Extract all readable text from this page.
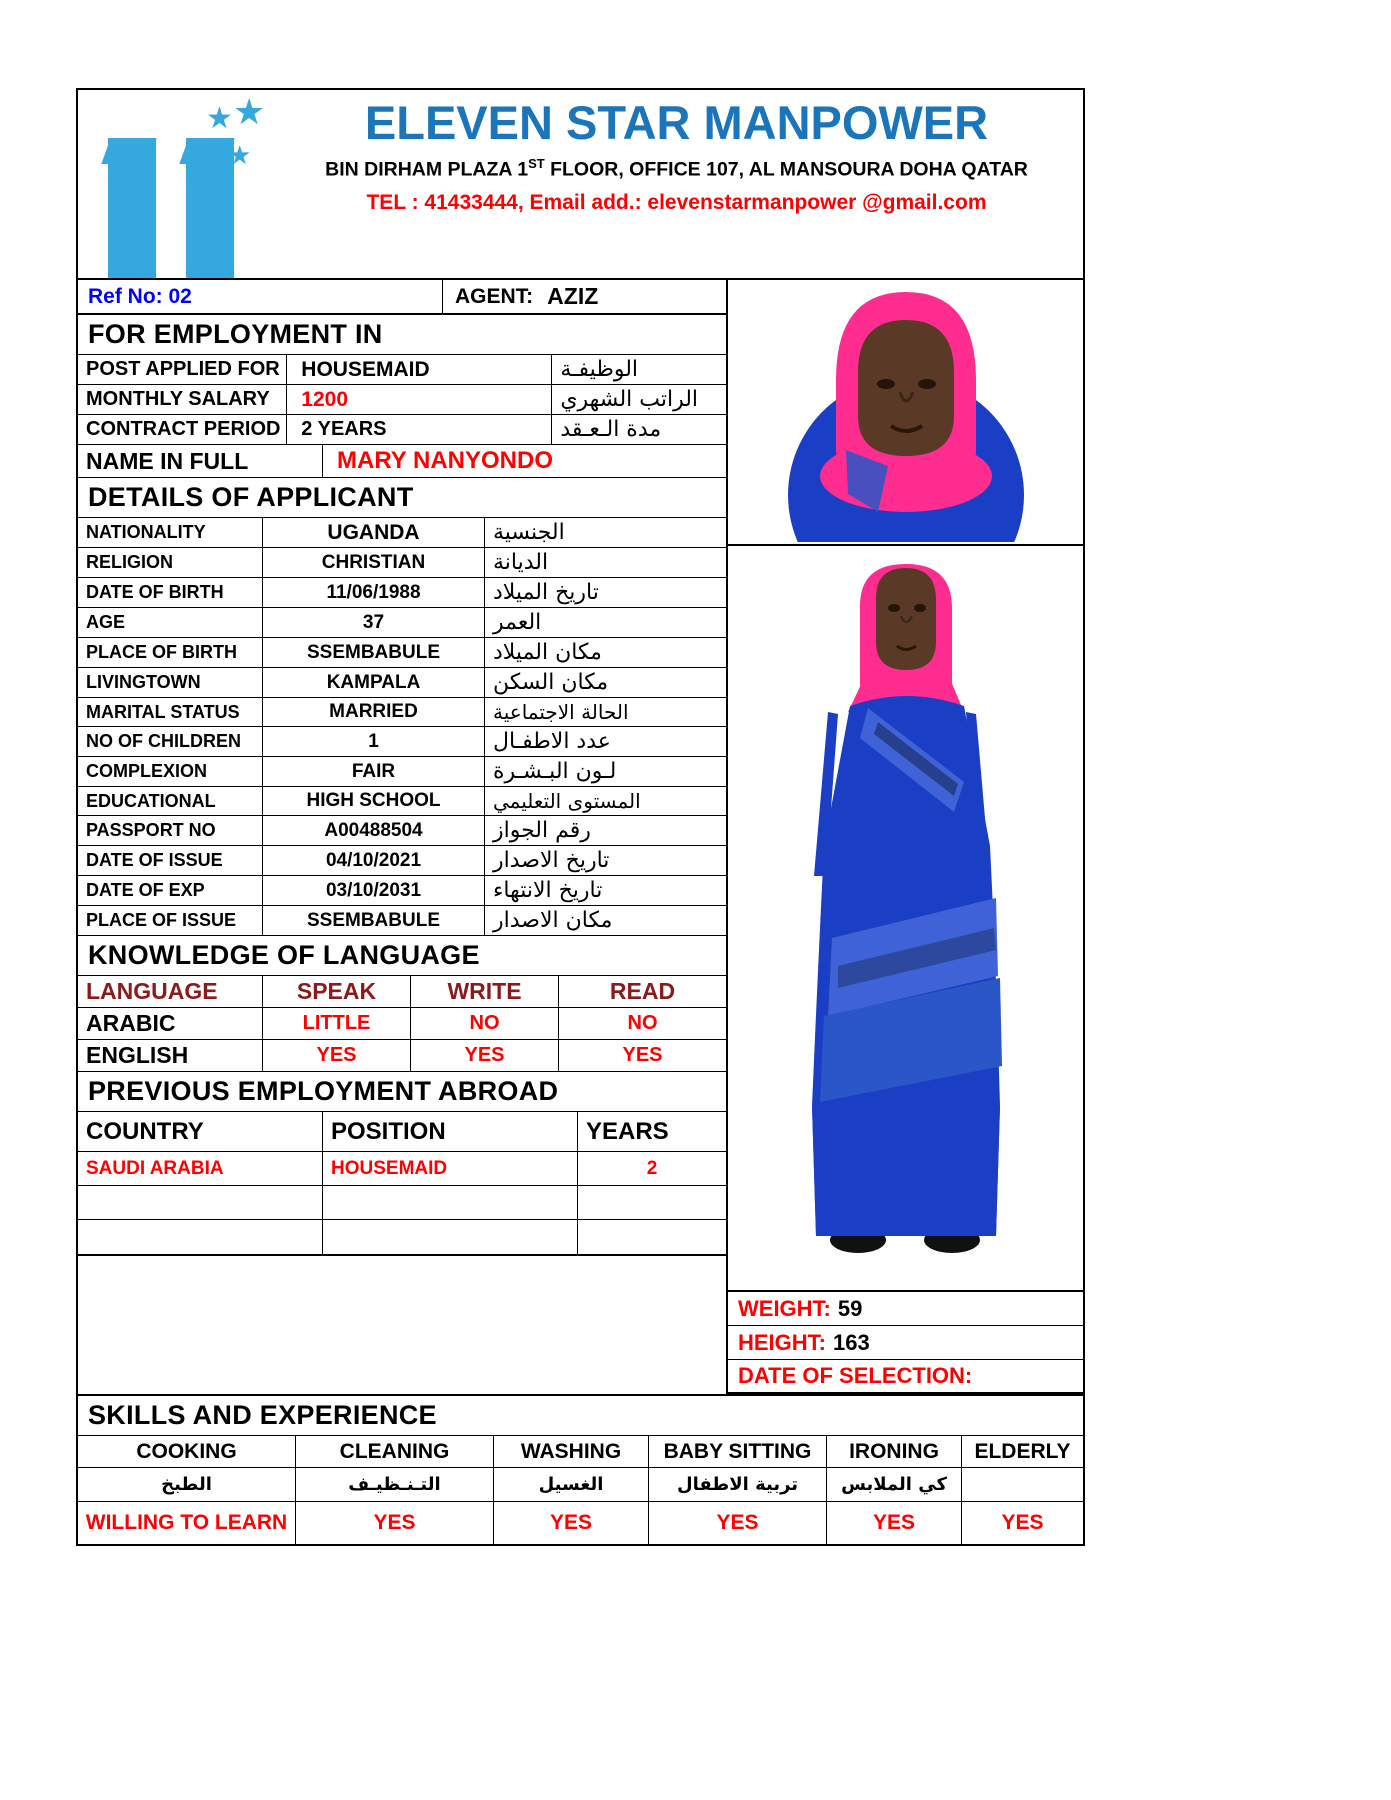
★ ★
★
ELEVEN STAR MANPOWER
BIN DIRHAM PLAZA 1ST FLOOR, OFFICE 107, AL MANSOURA DOHA QATAR
TEL : 41433444, Email add.: elevenstarmanpower @gmail.com
Ref No: 02	AGENT: AZIZ
FOR EMPLOYMENT IN
POST APPLIED FOR	HOUSEMAID	الوظيفـة
MONTHLY SALARY	1200	الراتب الشهري
CONTRACT PERIOD	2 YEARS	مدة الـعـقد
NAME IN FULL	MARY NANYONDO
DETAILS OF APPLICANT
NATIONALITY	UGANDA	الجنسية
RELIGION	CHRISTIAN	الديانة
DATE OF BIRTH	11/06/1988	تاريخ الميلاد
AGE	37	العمر
PLACE OF BIRTH	SSEMBABULE	مكان الميلاد
LIVINGTOWN	KAMPALA	مكان السكن
MARITAL STATUS	MARRIED	الحالة الاجتماعية
NO OF CHILDREN	1	عدد الاطفـال
COMPLEXION	FAIR	لـون البـشـرة
EDUCATIONAL	HIGH SCHOOL	المستوى التعليمي
PASSPORT NO	A00488504	رقم الجواز
DATE OF ISSUE	04/10/2021	تاريخ الاصدار
DATE OF EXP	03/10/2031	تاريخ الانتهاء
PLACE OF ISSUE	SSEMBABULE	مكان الاصدار
KNOWLEDGE OF LANGUAGE
LANGUAGE	SPEAK	WRITE	READ
ARABIC	LITTLE	NO	NO
ENGLISH	YES	YES	YES
PREVIOUS EMPLOYMENT ABROAD
COUNTRY	POSITION	YEARS
SAUDI ARABIA	HOUSEMAID	2
WEIGHT: 59
HEIGHT: 163
DATE OF SELECTION:
SKILLS AND EXPERIENCE
COOKING	CLEANING	WASHING	BABY SITTING	IRONING	ELDERLY
الطبخ	التـنـظيـف	الغسيل	تربية الاطفال	كي الملابس
WILLING TO LEARN	YES	YES	YES	YES	YES
